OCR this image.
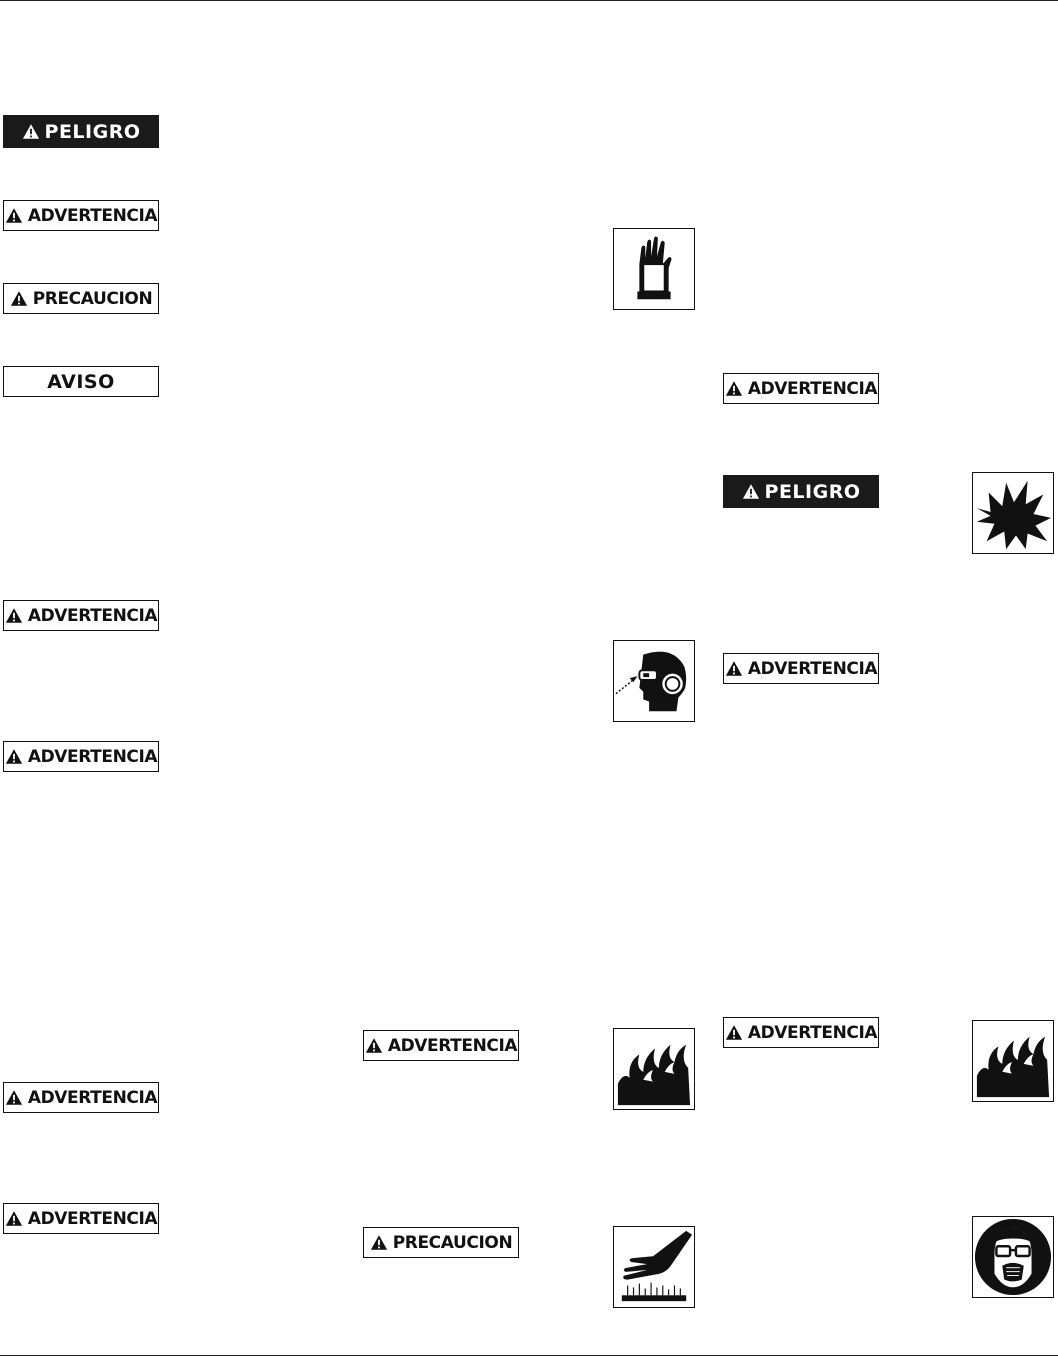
PELIGRO
ADVERTENCIA
PRECAUCION
AVISO
ADVERTENCIA
ADVERTENCIA
ADVERTENCIA
ADVERTENCIA
ADVERTENCIA
PRECAUCION
ADVERTENCIA
PELIGRO
ADVERTENCIA
ADVERTENCIA
